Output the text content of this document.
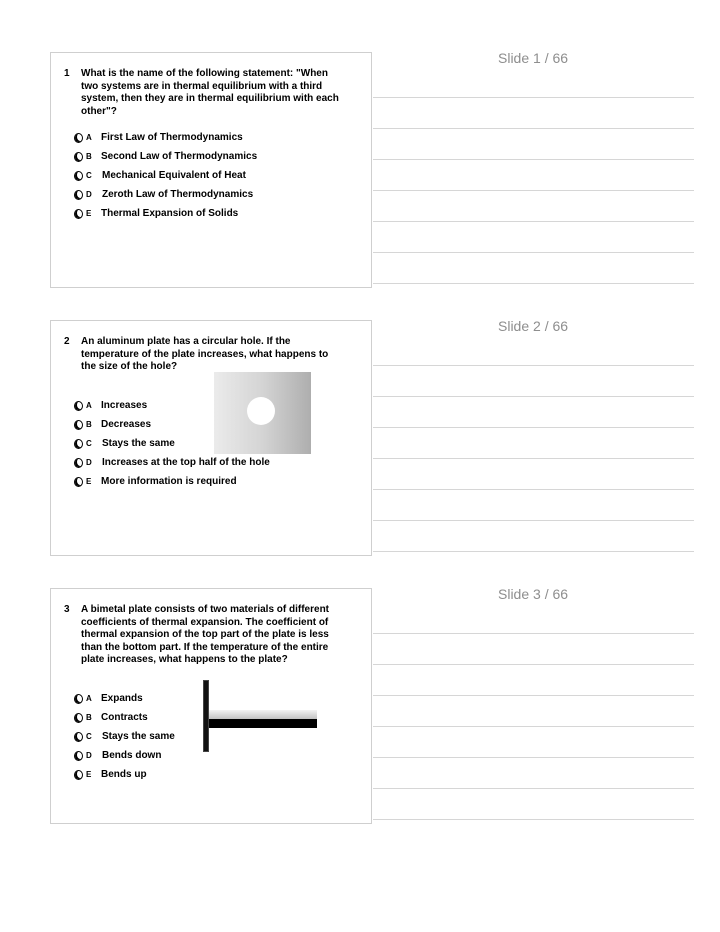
Slide 1 / 66
1 What is the name of the following statement: "When two systems are in thermal equilibrium with a third system, then they are in thermal equilibrium with each other"?

A First Law of Thermodynamics
B Second Law of Thermodynamics
C Mechanical Equivalent of Heat
D Zeroth Law of Thermodynamics
E Thermal Expansion of Solids
Slide 2 / 66
2 An aluminum plate has a circular hole. If the temperature of the plate increases, what happens to the size of the hole?

A Increases
B Decreases
C Stays the same
D Increases at the top half of the hole
E More information is required
Slide 3 / 66
3 A bimetal plate consists of two materials of different coefficients of thermal expansion. The coefficient of thermal expansion of the top part of the plate is less than the bottom part. If the temperature of the entire plate increases, what happens to the plate?

A Expands
B Contracts
C Stays the same
D Bends down
E Bends up
